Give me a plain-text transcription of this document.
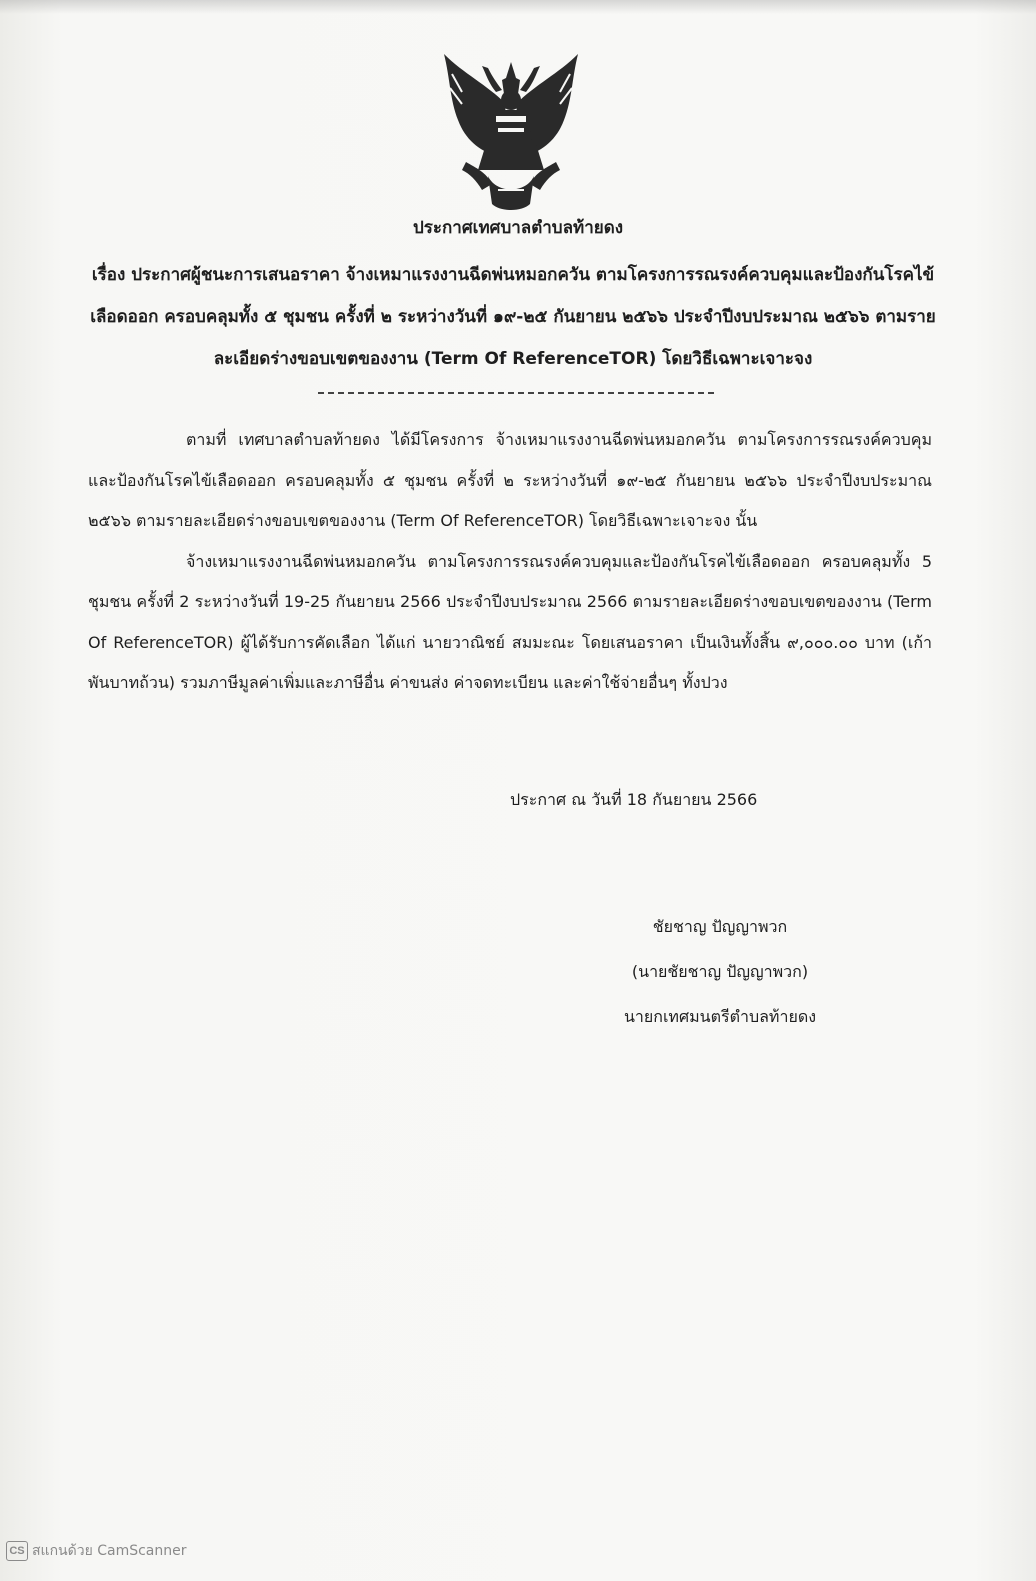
ประกาศเทศบาลตำบลท้ายดง
เรื่อง ประกาศผู้ชนะการเสนอราคา จ้างเหมาแรงงานฉีดพ่นหมอกควัน ตามโครงการรณรงค์ควบคุมและป้องกันโรคไข้เลือดออก ครอบคลุมทั้ง ๕ ชุมชน ครั้งที่ ๒ ระหว่างวันที่ ๑๙-๒๕ กันยายน ๒๕๖๖ ประจำปีงบประมาณ ๒๕๖๖ ตามรายละเอียดร่างขอบเขตของงาน (Term Of ReferenceTOR) โดยวิธีเฉพาะเจาะจง

ตามที่ เทศบาลตำบลท้ายดง ได้มีโครงการ จ้างเหมาแรงงานฉีดพ่นหมอกควัน ตามโครงการรณรงค์ควบคุมและป้องกันโรคไข้เลือดออก ครอบคลุมทั้ง ๕ ชุมชน ครั้งที่ ๒ ระหว่างวันที่ ๑๙-๒๕ กันยายน ๒๕๖๖ ประจำปีงบประมาณ ๒๕๖๖ ตามรายละเอียดร่างขอบเขตของงาน (Term Of ReferenceTOR) โดยวิธีเฉพาะเจาะจง นั้น

จ้างเหมาแรงงานฉีดพ่นหมอกควัน ตามโครงการรณรงค์ควบคุมและป้องกันโรคไข้เลือดออก ครอบคลุมทั้ง 5 ชุมชน ครั้งที่ 2 ระหว่างวันที่ 19-25 กันยายน 2566 ประจำปีงบประมาณ 2566 ตามรายละเอียดร่างขอบเขตของงาน (Term Of ReferenceTOR) ผู้ได้รับการคัดเลือก ได้แก่ นายวาณิชย์ สมมะณะ โดยเสนอราคา เป็นเงินทั้งสิ้น ๙,๐๐๐.๐๐ บาท (เก้าพันบาทถ้วน) รวมภาษีมูลค่าเพิ่มและภาษีอื่น ค่าขนส่ง ค่าจดทะเบียน และค่าใช้จ่ายอื่นๆ ทั้งปวง

ประกาศ ณ วันที่ 18 กันยายน 2566
ชัยชาญ ปัญญาพวก
(นายชัยชาญ ปัญญาพวก)
นายกเทศมนตรีตำบลท้ายดง
CS สแกนด้วย CamScanner
